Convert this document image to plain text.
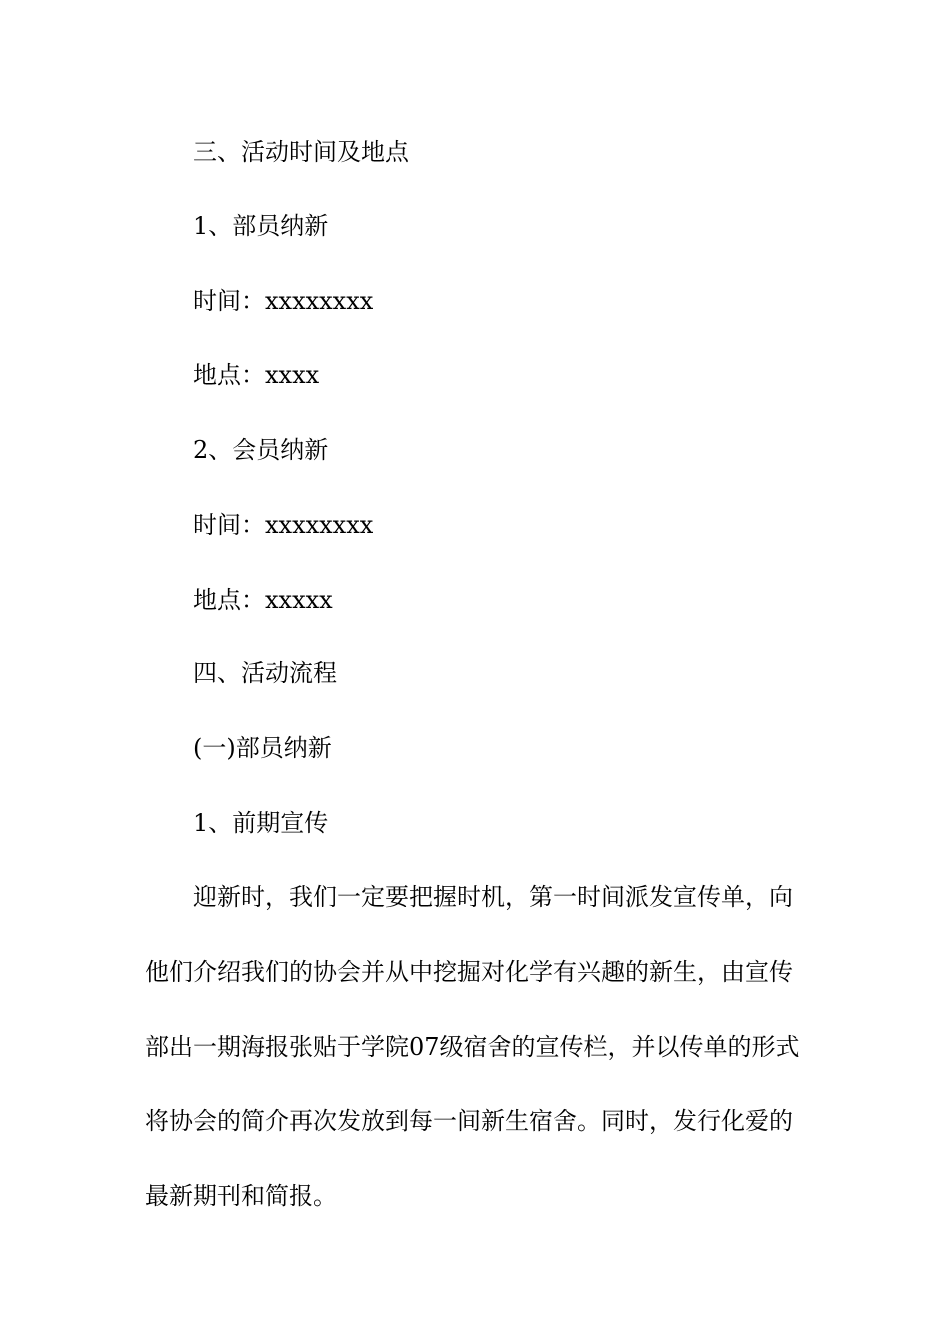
三、活动时间及地点
1、部员纳新
时间：xxxxxxxx
地点：xxxx
2、会员纳新
时间：xxxxxxxx
地点：xxxxx
四、活动流程
(一)部员纳新
1、前期宣传
迎新时，我们一定要把握时机，第一时间派发宣传单，向
他们介绍我们的协会并从中挖掘对化学有兴趣的新生，由宣传
部出一期海报张贴于学院07级宿舍的宣传栏，并以传单的形式
将协会的简介再次发放到每一间新生宿舍。同时，发行化爱的
最新期刊和简报。
